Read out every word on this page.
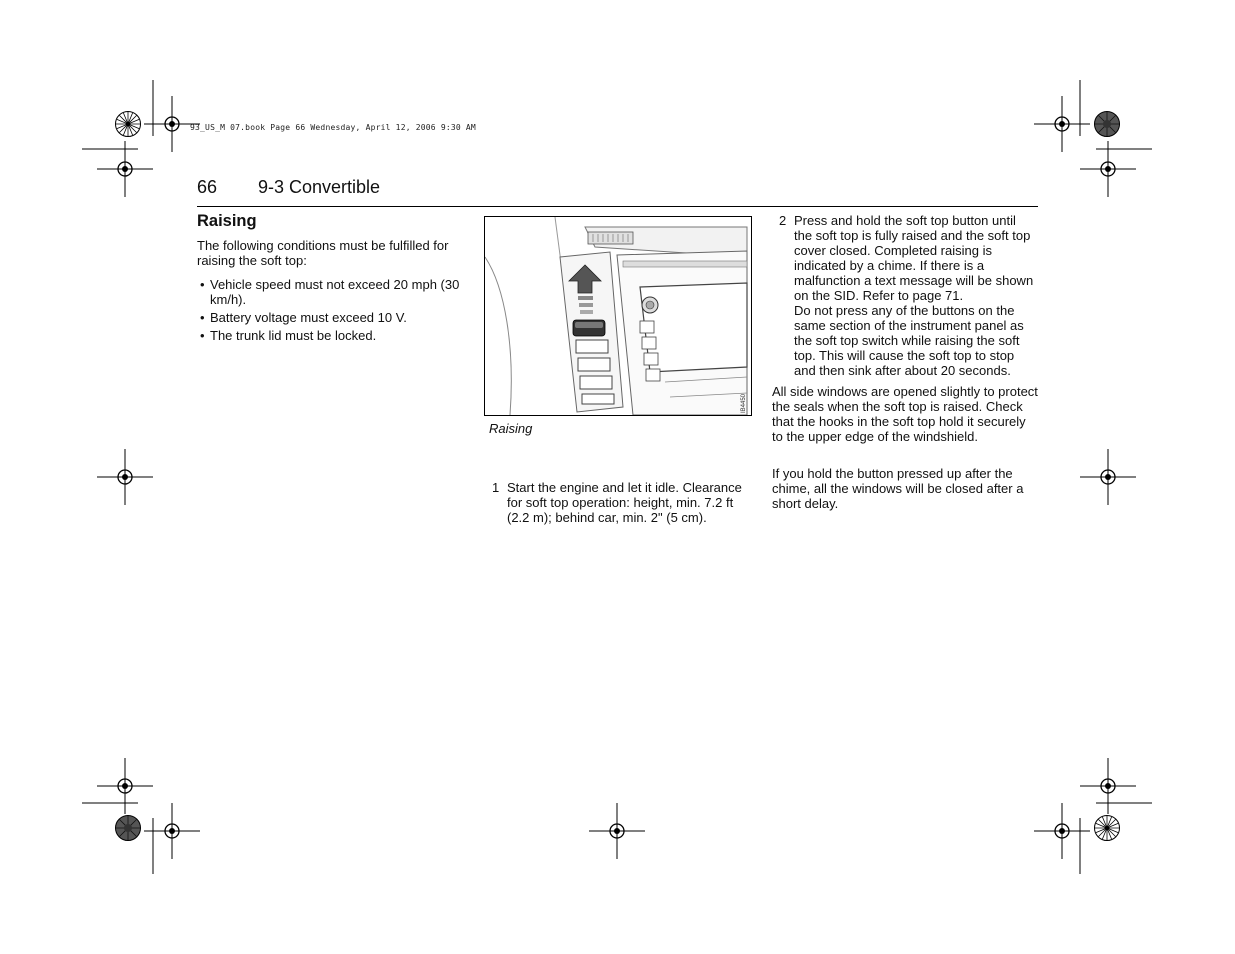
93_US_M 07.book Page 66 Wednesday, April 12, 2006 9:30 AM
66 9-3 Convertible
Raising
The following conditions must be fulfilled for raising the soft top:
• Vehicle speed must not exceed 20 mph (30 km/h).
• Battery voltage must exceed 10 V.
• The trunk lid must be locked.
IB4450
Raising
1 Start the engine and let it idle. Clearance for soft top operation: height, min. 7.2 ft (2.2 m); behind car, min. 2" (5 cm).
2 Press and hold the soft top button until the soft top is fully raised and the soft top cover closed. Completed raising is indicated by a chime. If there is a malfunction a text message will be shown on the SID. Refer to page 71.
Do not press any of the buttons on the same section of the instrument panel as the soft top switch while raising the soft top. This will cause the soft top to stop and then sink after about 20 seconds.
All side windows are opened slightly to protect the seals when the soft top is raised. Check that the hooks in the soft top hold it securely to the upper edge of the windshield.
If you hold the button pressed up after the chime, all the windows will be closed after a short delay.
